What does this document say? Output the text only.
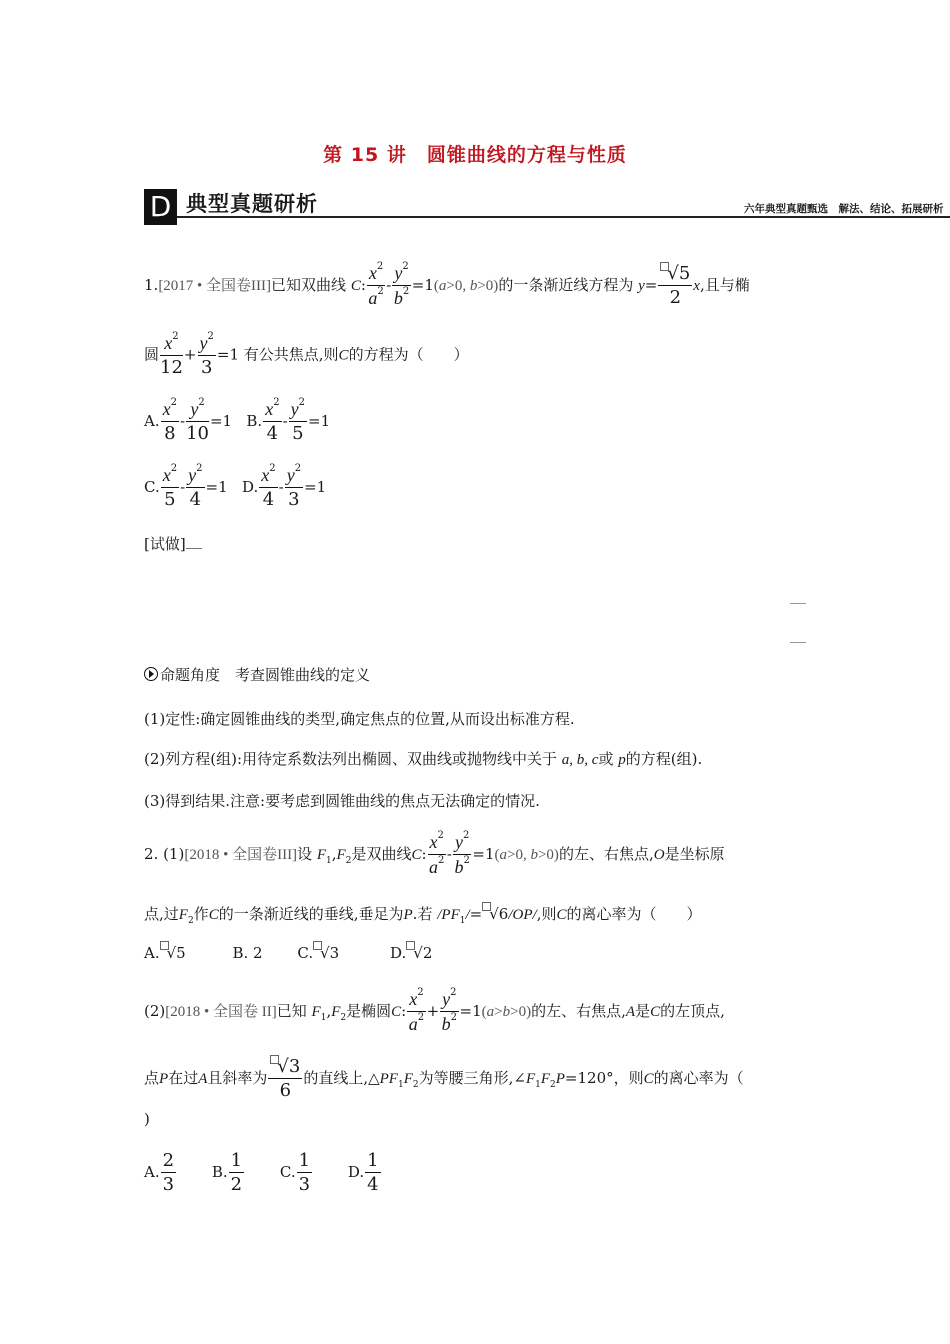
第 15 讲　圆锥曲线的方程与性质
D 典型真题研析	六年典型真题甄选　解法、结论、拓展研析
1.[2017 • 全国卷III]已知双曲线 C: $\frac{x^2}{a^2} - \frac{y^2}{b^2} =1(a>0$, b>0)的一条渐近线方程为 $y= \frac{√5}{2} x$,且与椭
圆 $\frac{x^2}{12} + \frac{y^2}{3} =1$ 有公共焦点,则C的方程为（　　）
A. $\frac{x^2}{8} - \frac{y^2}{10} =1$ B. $\frac{x^2}{4} - \frac{y^2}{5} =1$
C. $\frac{x^2}{5} - \frac{y^2}{4} =1$ D. $\frac{x^2}{4} - \frac{y^2}{3} =1$
[试做]
命题角度　考查圆锥曲线的定义
(1)定性:确定圆锥曲线的类型,确定焦点的位置,从而设出标准方程.
(2)列方程(组):用待定系数法列出椭圆、双曲线或抛物线中关于 a, b, c或 p的方程(组).
(3)得到结果.注意:要考虑到圆锥曲线的焦点无法确定的情况.
2. (1)[2018 • 全国卷III]设 $F_1,F_2$是双曲线C: $\frac{x^2}{a^2} - \frac{y^2}{b^2} =1(a>0$, b>0)的左、右焦点,O是坐标原
点,过$F_2$作C的一条渐近线的垂线,垂足为P.若 $/PF_1/= √6/OP/$,则C的离心率为（　　）
A. √5	B. 2 C. √3	D. √2
(2)[2018 • 全国卷 II]已知 $F_1,F_2$是椭圆C: $\frac{x^2}{a^2} + \frac{y^2}{b^2} =1(a>b>0)$的左、右焦点,A是C的左顶点,
点P在过A且斜率为 $\frac{√3}{6}$ 的直线上$,\triangle PF_1F_2$为等腰三角形$,\angle F_1F_2P=120^\circ$，则C的离心率为（
)
A. $\frac{2}{3} B$. $\frac{1}{2} C$. $\frac{1}{3} D$. $\frac{1}{4}$
